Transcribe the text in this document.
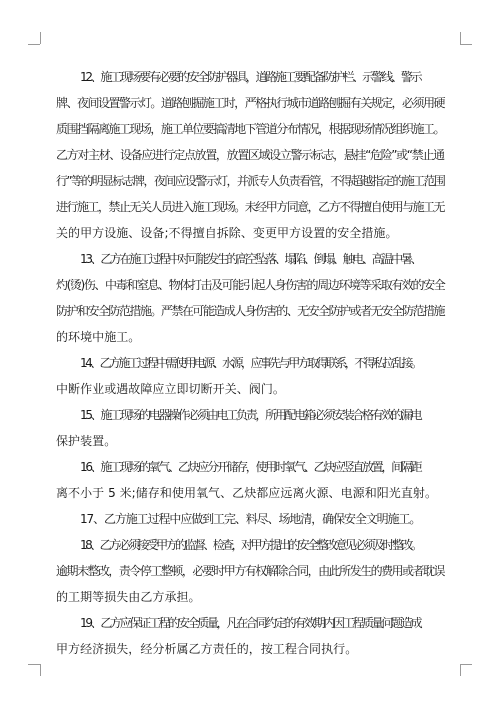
12、施工现场要有必要的安全防护器具，道路施工要配备防护栏、示警线、警示
牌、夜间设置警示灯。道路刨掘施工时，严格执行城市道路刨掘有关规定，必须用硬
质围挡隔离施工现场，施工单位要搞清地下管道分布情况，根据现场情况组织施工。
乙方对主材、设备应进行定点放置，放置区域设立警示标志，悬挂“危险”或“禁止通
行”等的明显标志牌，夜间应设警示灯，并派专人负责看管，不得超越指定的施工范围
进行施工，禁止无关人员进入施工现场。未经甲方同意，乙方不得擅自使用与施工无
关的甲方设施、设备;不得擅自拆除、变更甲方设置的安全措施。

13、乙方在施工过程中对可能发生的高空坠落、塌陷、倒塌、触电、高温中暑、
灼(烫)伤、中毒和窒息、物体打击及可能引起人身伤害的周边环境等采取有效的安全
防护和安全防范措施。严禁在可能造成人身伤害的、无安全防护或者无安全防范措施
的环境中施工。

14、乙方施工过程中需使用电源、水源，应事先与甲方取得联系，不得私拉乱接。
中断作业或遇故障应立即切断开关、阀门。

15、施工现场的电器操作必须由电工负责，所用配电箱必须安装合格有效的漏电
保护装置。

16、施工现场的氧气、乙炔应分开储存，使用时氧气、乙炔应竖直放置，间隔距
离不小于 5 米;储存和使用氧气、乙炔都应远离火源、电源和阳光直射。

17、乙方施工过程中应做到工完、料尽、场地清，确保安全文明施工。

18、乙方必须接受甲方的监督、检查，对甲方提出的安全整改意见必须及时整改。
逾期未整改，责令停工整顿，必要时甲方有权解除合同，由此所发生的费用或者耽误
的工期等损失由乙方承担。

19、乙方应保证工程的安全质量，凡在合同约定的有效期内因工程质量问题造成
甲方经济损失，经分析属乙方责任的，按工程合同执行。
